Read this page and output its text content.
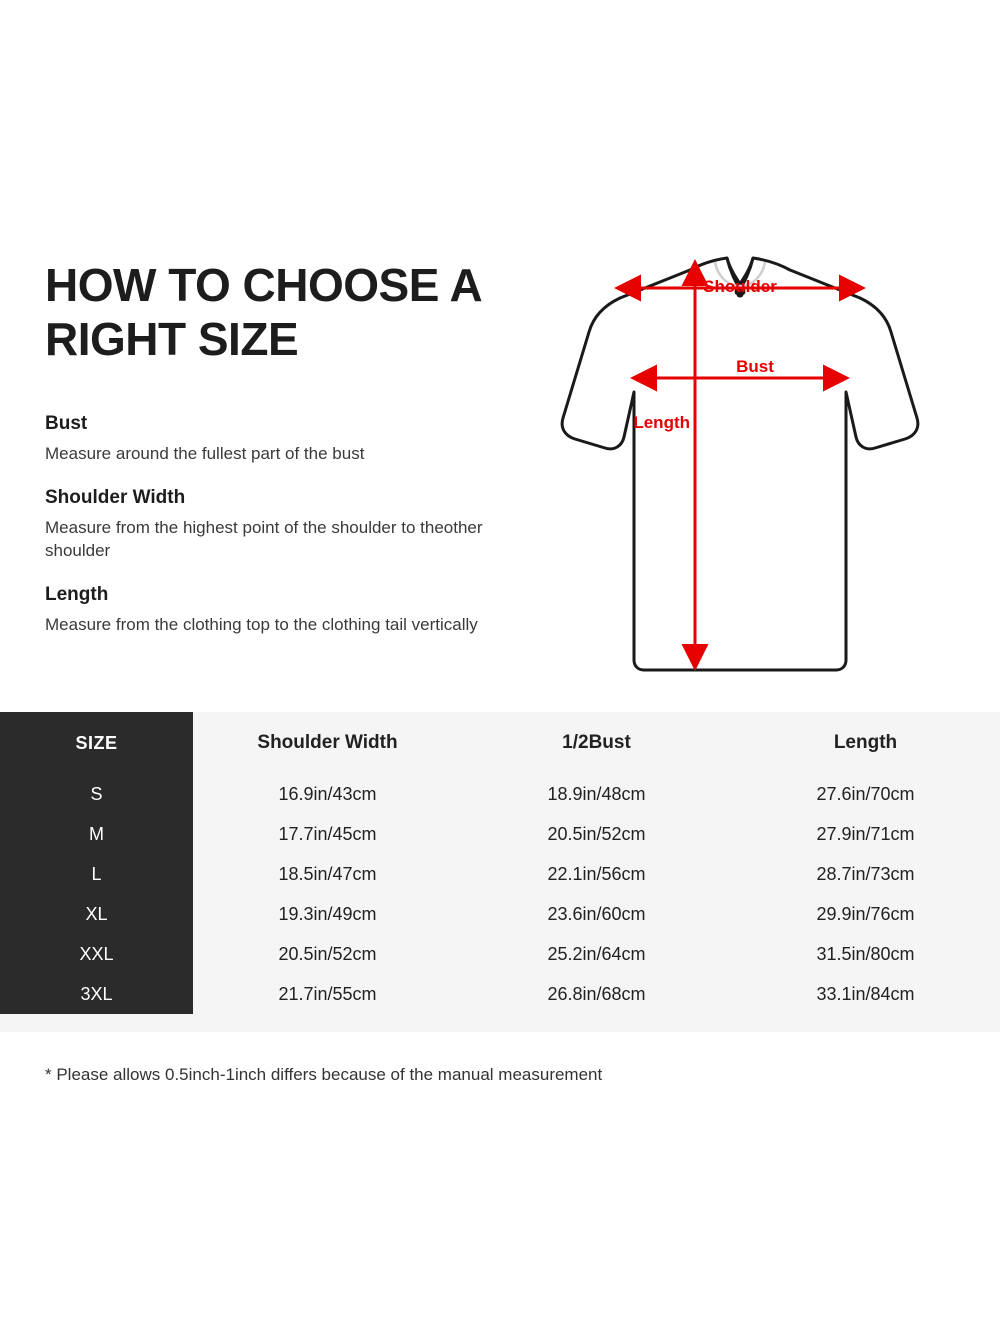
HOW TO CHOOSE A RIGHT SIZE

Bust

Measure around the fullest part of the bust

Shoulder Width

Measure from the highest point of the shoulder to theother shoulder

Length

Measure from the clothing top to the clothing tail vertically

Shoulder
Bust
Length
SIZE	Shoulder Width	1/2Bust	Length
S	16.9in/43cm	18.9in/48cm	27.6in/70cm
M	17.7in/45cm	20.5in/52cm	27.9in/71cm
L	18.5in/47cm	22.1in/56cm	28.7in/73cm
XL	19.3in/49cm	23.6in/60cm	29.9in/76cm
XXL	20.5in/52cm	25.2in/64cm	31.5in/80cm
3XL	21.7in/55cm	26.8in/68cm	33.1in/84cm
* Please allows 0.5inch-1inch differs because of the manual measurement
